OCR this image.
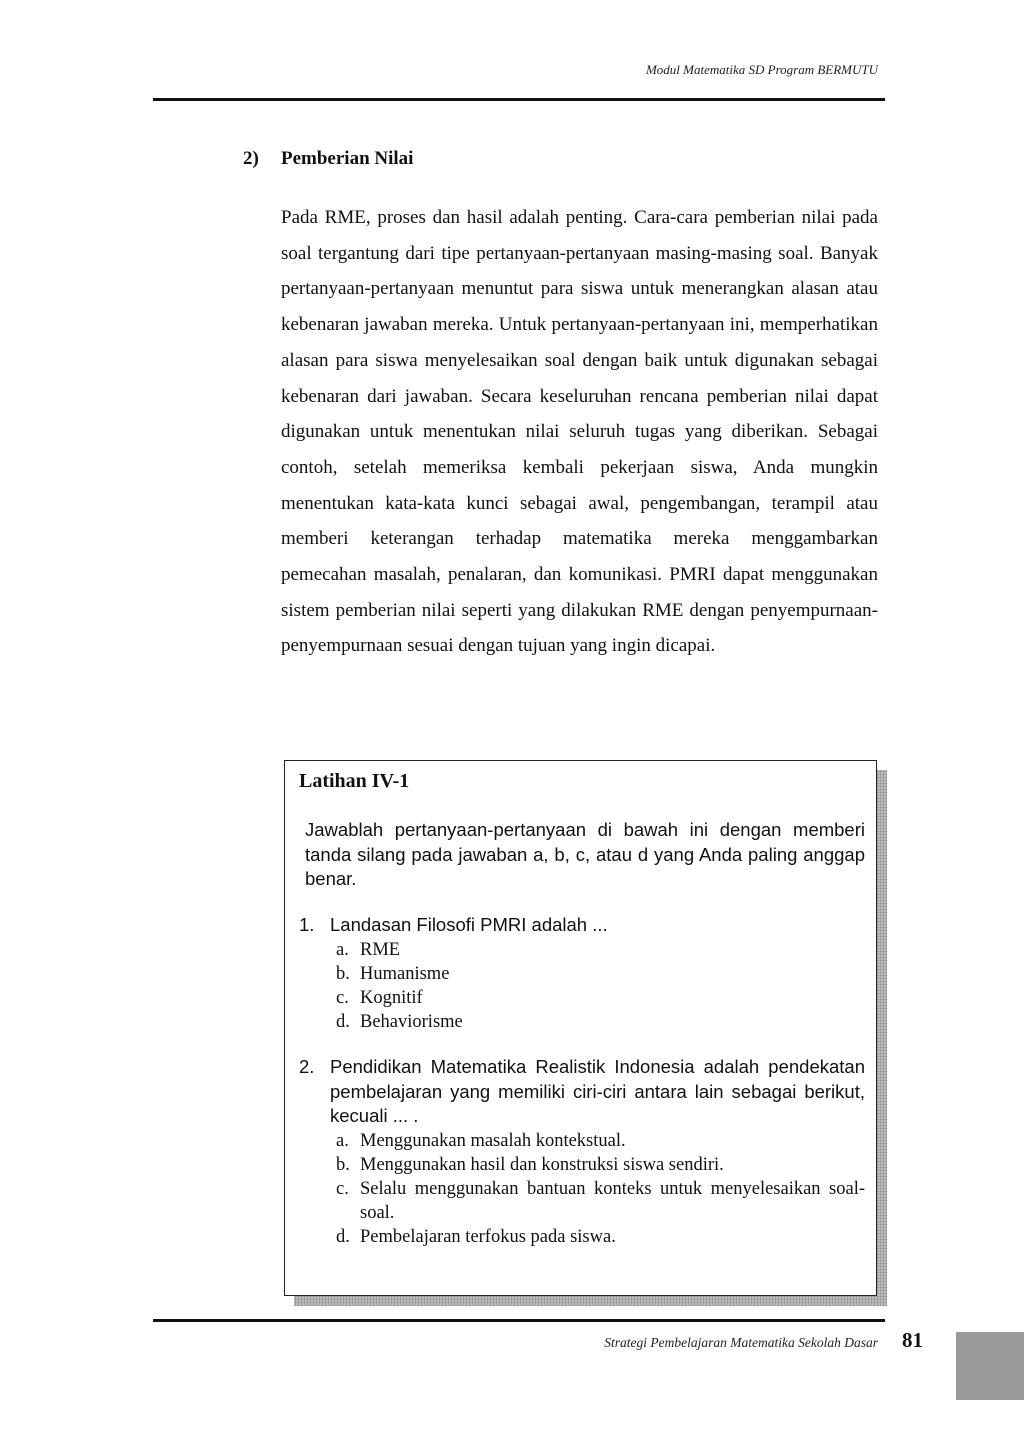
Modul Matematika SD Program BERMUTU
2) Pemberian Nilai

Pada RME, proses dan hasil adalah penting. Cara-cara pemberian nilai pada soal tergantung dari tipe pertanyaan-pertanyaan masing-masing soal. Banyak pertanyaan-pertanyaan menuntut para siswa untuk menerangkan alasan atau kebenaran jawaban mereka. Untuk pertanyaan-pertanyaan ini, memperhatikan alasan para siswa menyelesaikan soal dengan baik untuk digunakan sebagai kebenaran dari jawaban. Secara keseluruhan rencana pemberian nilai dapat digunakan untuk menentukan nilai seluruh tugas yang diberikan. Sebagai contoh, setelah memeriksa kembali pekerjaan siswa, Anda mungkin menentukan kata-kata kunci sebagai awal, pengembangan, terampil atau memberi keterangan terhadap matematika mereka menggambarkan pemecahan masalah, penalaran, dan komunikasi. PMRI dapat menggunakan sistem pemberian nilai seperti yang dilakukan RME dengan penyempurnaan-penyempurnaan sesuai dengan tujuan yang ingin dicapai.

Latihan IV-1
Jawablah pertanyaan-pertanyaan di bawah ini dengan memberi tanda silang pada jawaban a, b, c, atau d yang Anda paling anggap benar.
1. Landasan Filosofi PMRI adalah ...
a. RME
b. Humanisme
c. Kognitif
d. Behaviorisme
2. Pendidikan Matematika Realistik Indonesia adalah pendekatan pembelajaran yang memiliki ciri-ciri antara lain sebagai berikut, kecuali ... .
a. Menggunakan masalah kontekstual.
b. Menggunakan hasil dan konstruksi siswa sendiri.
c. Selalu menggunakan bantuan konteks untuk menyelesaikan soal-soal.
d. Pembelajaran terfokus pada siswa.
Strategi Pembelajaran Matematika Sekolah Dasar 81
